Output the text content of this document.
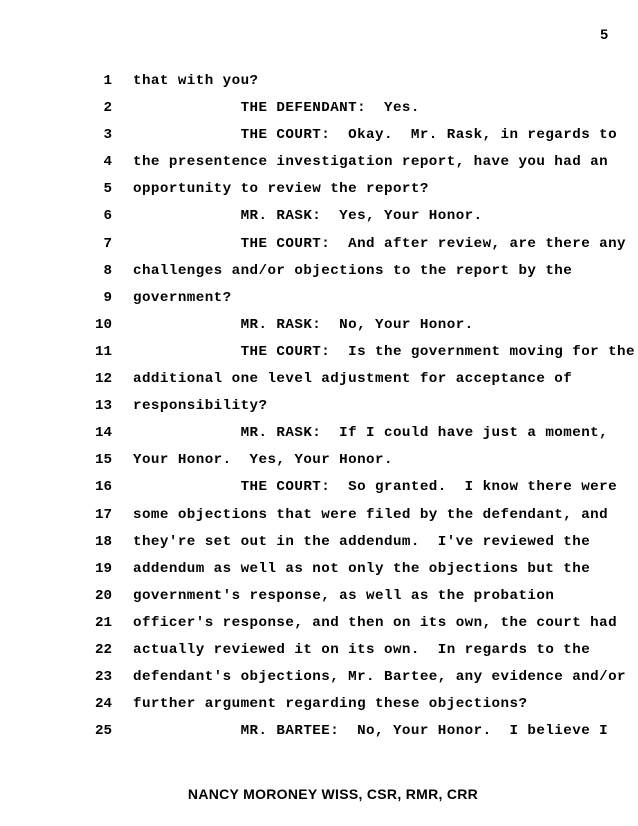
5
1 that with you?
2 THE DEFENDANT:  Yes.
3 THE COURT:  Okay.  Mr. Rask, in regards to
4 the presentence investigation report, have you had an
5 opportunity to review the report?
6 MR. RASK:  Yes, Your Honor.
7 THE COURT:  And after review, are there any
8 challenges and/or objections to the report by the
9 government?
10 MR. RASK:  No, Your Honor.
11 THE COURT:  Is the government moving for the
12 additional one level adjustment for acceptance of
13 responsibility?
14 MR. RASK:  If I could have just a moment,
15 Your Honor.  Yes, Your Honor.
16 THE COURT:  So granted.  I know there were
17 some objections that were filed by the defendant, and
18 they're set out in the addendum.  I've reviewed the
19 addendum as well as not only the objections but the
20 government's response, as well as the probation
21 officer's response, and then on its own, the court had
22 actually reviewed it on its own.  In regards to the
23 defendant's objections, Mr. Bartee, any evidence and/or
24 further argument regarding these objections?
25 MR. BARTEE:  No, Your Honor.  I believe I
NANCY MORONEY WISS, CSR, RMR, CRR
